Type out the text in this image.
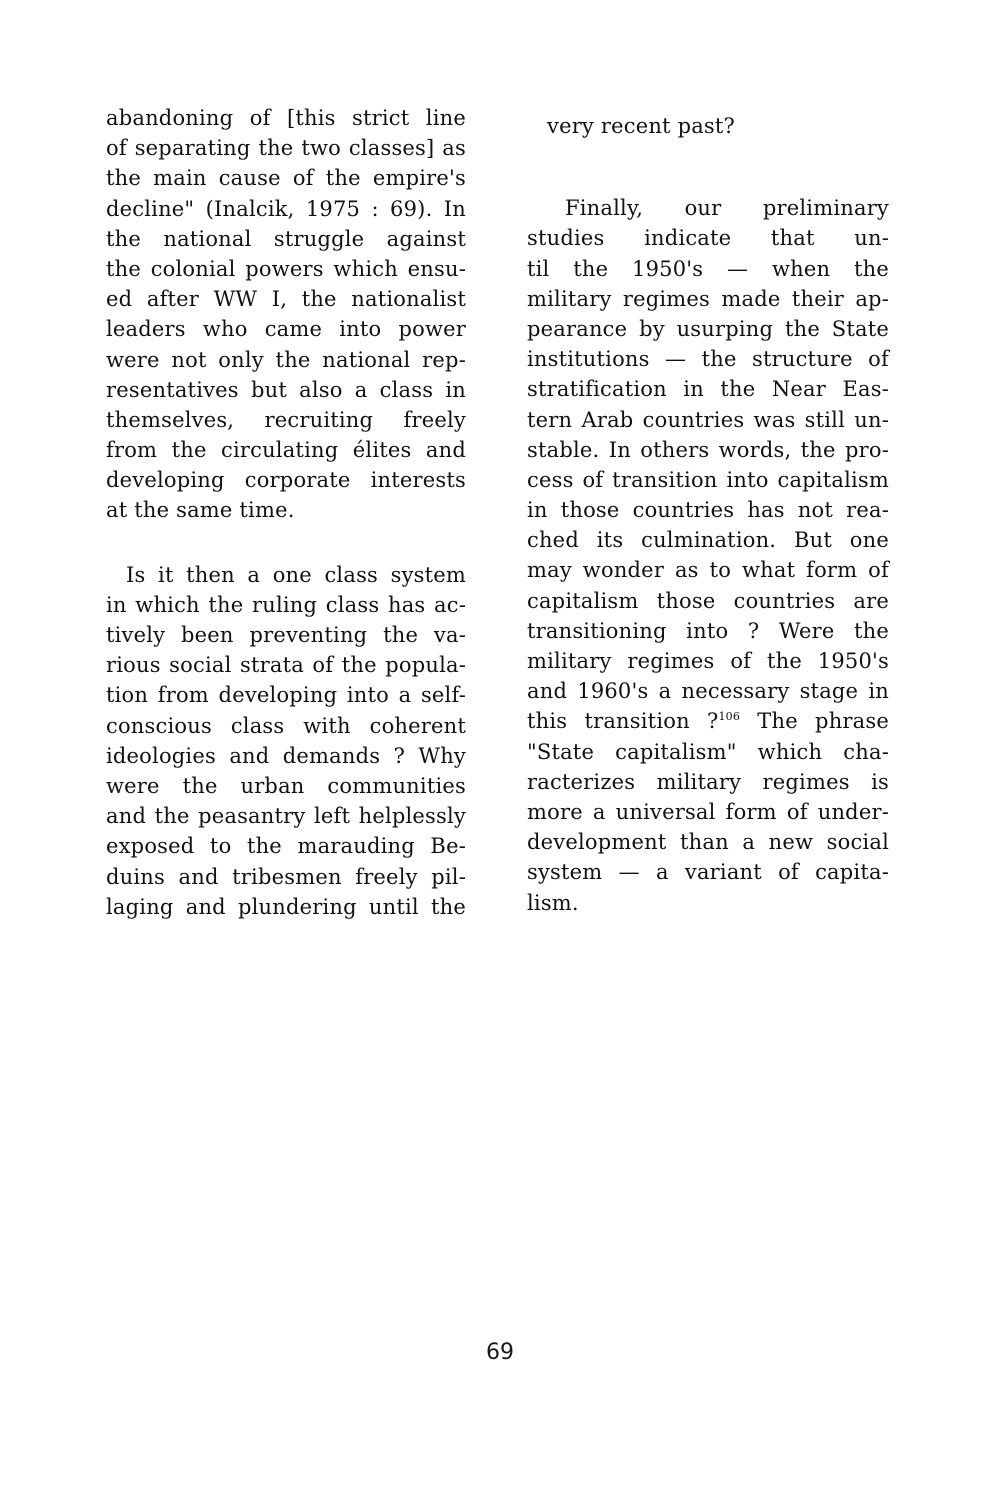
abandoning of [this strict line
of separating the two classes] as
the main cause of the empire's
decline" (Inalcik, 1975 : 69). In
the national struggle against
the colonial powers which ensu-
ed after WW I, the nationalist
leaders who came into power
were not only the national rep-
resentatives but also a class in
themselves, recruiting freely
from the circulating élites and
developing corporate interests
at the same time.
Is it then a one class system
in which the ruling class has ac-
tively been preventing the va-
rious social strata of the popula-
tion from developing into a self-
conscious class with coherent
ideologies and demands ? Why
were the urban communities
and the peasantry left helplessly
exposed to the marauding Be-
duins and tribesmen freely pil-
laging and plundering until the
very recent past?
Finally, our preliminary
studies indicate that un-
til the 1950's — when the
military regimes made their ap-
pearance by usurping the State
institutions — the structure of
stratification in the Near Eas-
tern Arab countries was still un-
stable. In others words, the pro-
cess of transition into capitalism
in those countries has not rea-
ched its culmination. But one
may wonder as to what form of
capitalism those countries are
transitioning into ? Were the
military regimes of the 1950's
and 1960's a necessary stage in
this transition ?$^{106}$ The phrase
"State capitalism" which cha-
racterizes military regimes is
more a universal form of under-
development than a new social
system — a variant of capita-
lism.
69
